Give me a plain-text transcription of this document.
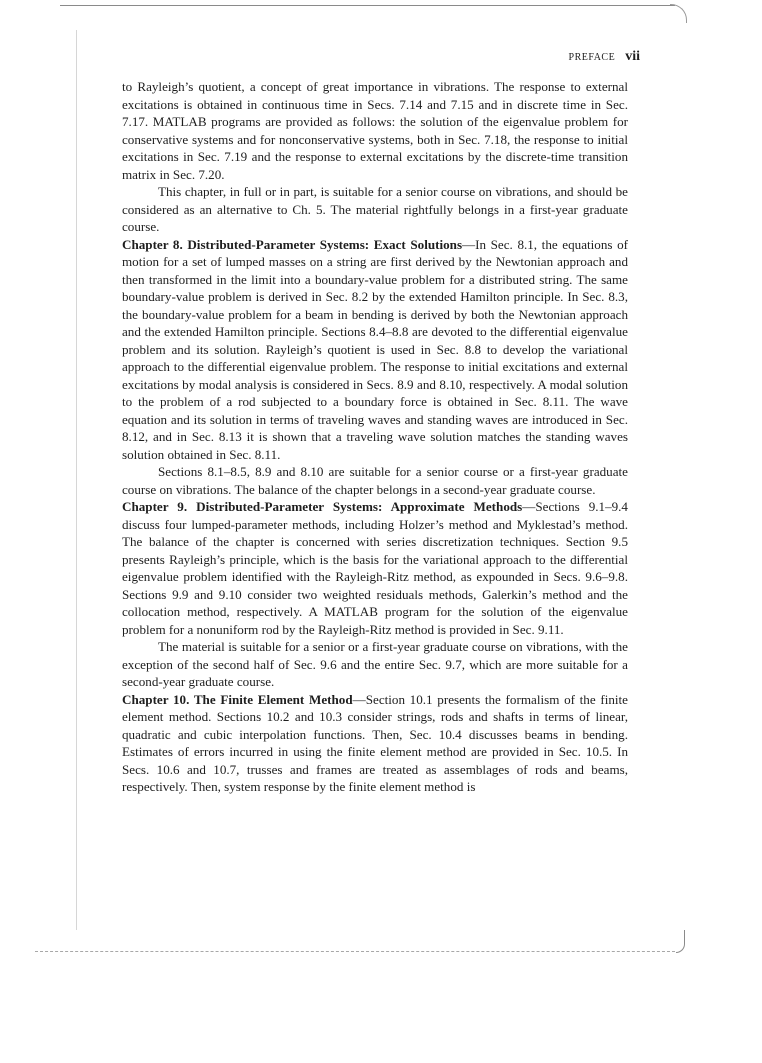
PREFACE vii

to Rayleigh’s quotient, a concept of great importance in vibrations. The response to external excitations is obtained in continuous time in Secs. 7.14 and 7.15 and in discrete time in Sec. 7.17. MATLAB programs are provided as follows: the solution of the eigenvalue problem for conservative systems and for nonconservative systems, both in Sec. 7.18, the response to initial excitations in Sec. 7.19 and the response to external excitations by the discrete-time transition matrix in Sec. 7.20.

This chapter, in full or in part, is suitable for a senior course on vibrations, and should be considered as an alternative to Ch. 5. The material rightfully belongs in a first-year graduate course.

Chapter 8. Distributed-Parameter Systems: Exact Solutions—In Sec. 8.1, the equations of motion for a set of lumped masses on a string are first derived by the Newtonian approach and then transformed in the limit into a boundary-value problem for a distributed string. The same boundary-value problem is derived in Sec. 8.2 by the extended Hamilton principle. In Sec. 8.3, the boundary-value problem for a beam in bending is derived by both the Newtonian approach and the extended Hamilton principle. Sections 8.4–8.8 are devoted to the differential eigenvalue problem and its solution. Rayleigh’s quotient is used in Sec. 8.8 to develop the variational approach to the differential eigenvalue problem. The response to initial excitations and external excitations by modal analysis is considered in Secs. 8.9 and 8.10, respectively. A modal solution to the problem of a rod subjected to a boundary force is obtained in Sec. 8.11. The wave equation and its solution in terms of traveling waves and standing waves are introduced in Sec. 8.12, and in Sec. 8.13 it is shown that a traveling wave solution matches the standing waves solution obtained in Sec. 8.11.

Sections 8.1–8.5, 8.9 and 8.10 are suitable for a senior course or a first-year graduate course on vibrations. The balance of the chapter belongs in a second-year graduate course.

Chapter 9. Distributed-Parameter Systems: Approximate Methods—Sections 9.1–9.4 discuss four lumped-parameter methods, including Holzer’s method and Myklestad’s method. The balance of the chapter is concerned with series discretization techniques. Section 9.5 presents Rayleigh’s principle, which is the basis for the variational approach to the differential eigenvalue problem identified with the Rayleigh-Ritz method, as expounded in Secs. 9.6–9.8. Sections 9.9 and 9.10 consider two weighted residuals methods, Galerkin’s method and the collocation method, respectively. A MATLAB program for the solution of the eigenvalue problem for a nonuniform rod by the Rayleigh-Ritz method is provided in Sec. 9.11.

The material is suitable for a senior or a first-year graduate course on vibrations, with the exception of the second half of Sec. 9.6 and the entire Sec. 9.7, which are more suitable for a second-year graduate course.

Chapter 10. The Finite Element Method—Section 10.1 presents the formalism of the finite element method. Sections 10.2 and 10.3 consider strings, rods and shafts in terms of linear, quadratic and cubic interpolation functions. Then, Sec. 10.4 discusses beams in bending. Estimates of errors incurred in using the finite element method are provided in Sec. 10.5. In Secs. 10.6 and 10.7, trusses and frames are treated as assemblages of rods and beams, respectively. Then, system response by the finite element method is
